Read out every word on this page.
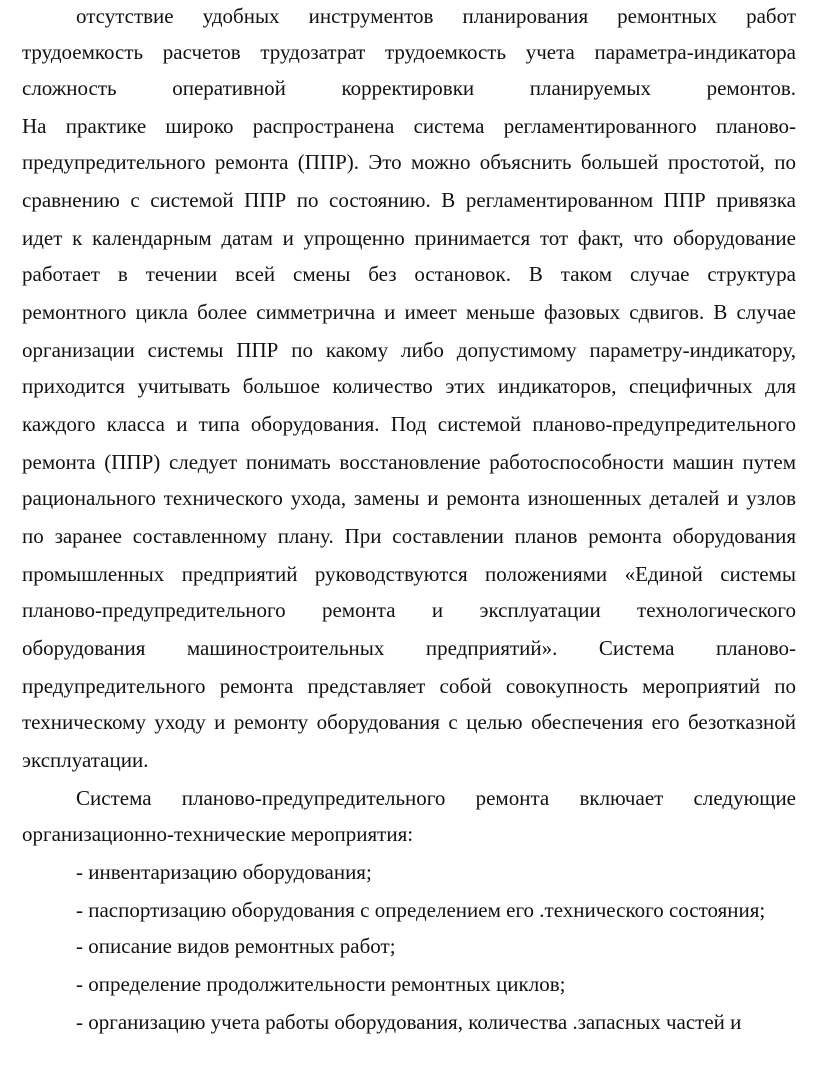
отсутствие удобных инструментов планирования ремонтных работ
трудоемкость расчетов трудозатрат трудоемкость учета параметра-индикатора
сложность оперативной корректировки планируемых ремонтов.
На практике широко распространена система регламентированного планово-
предупредительного ремонта (ППР). Это можно объяснить большей простотой, по
сравнению с системой ППР по состоянию. В регламентированном ППР привязка
идет к календарным датам и упрощенно принимается тот факт, что оборудование
работает в течении всей смены без остановок. В таком случае структура
ремонтного цикла более симметрична и имеет меньше фазовых сдвигов. В случае
организации системы ППР по какому либо допустимому параметру-индикатору,
приходится учитывать большое количество этих индикаторов, специфичных для
каждого класса и типа оборудования. Под системой планово-предупредительного
ремонта (ППР) следует понимать восстановление работоспособности машин путем
рационального технического ухода, замены и ремонта изношенных деталей и узлов
по заранее составленному плану. При составлении планов ремонта оборудования
промышленных предприятий руководствуются положениями «Единой системы
планово-предупредительного ремонта и эксплуатации технологического
оборудования машиностроительных предприятий». Система планово-
предупредительного ремонта представляет собой совокупность мероприятий по
техническому уходу и ремонту оборудования с целью обеспечения его безотказной
эксплуатации.
Система планово-предупредительного ремонта включает следующие
организационно-технические мероприятия:
- инвентаризацию оборудования;
- паспортизацию оборудования с определением его .технического состояния;
- описание видов ремонтных работ;
- определение продолжительности ремонтных циклов;
- организацию учета работы оборудования, количества .запасных частей и
